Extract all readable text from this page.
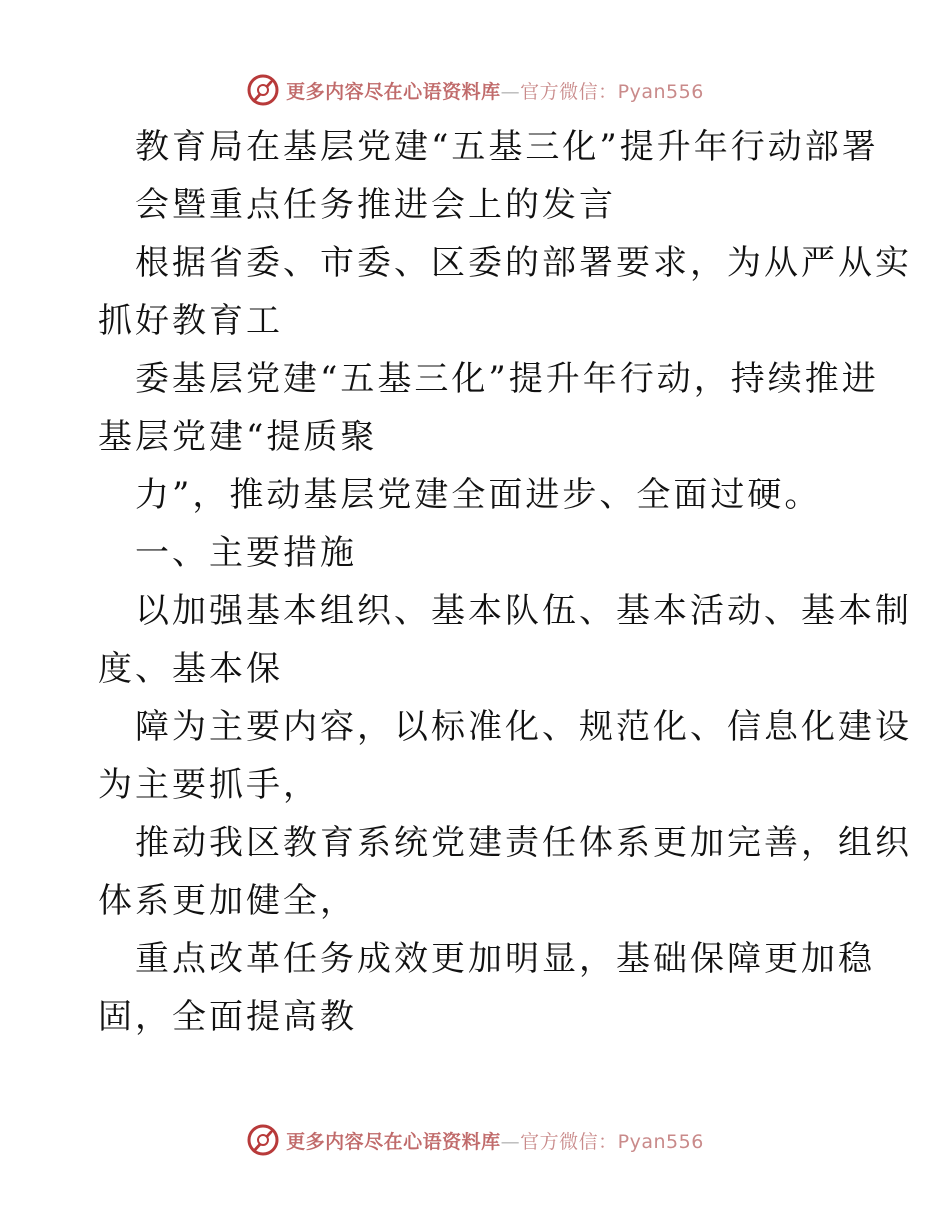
更多内容尽在心语资料库—官方微信：Pyan556
教育局在基层党建“五基三化”提升年行动部署
会暨重点任务推进会上的发言
根据省委、市委、区委的部署要求，为从严从实
抓好教育工
委基层党建“五基三化”提升年行动，持续推进
基层党建“提质聚
力”，推动基层党建全面进步、全面过硬。
一、主要措施
以加强基本组织、基本队伍、基本活动、基本制
度、基本保
障为主要内容，以标准化、规范化、信息化建设
为主要抓手，
推动我区教育系统党建责任体系更加完善，组织
体系更加健全，
重点改革任务成效更加明显，基础保障更加稳
固，全面提高教
更多内容尽在心语资料库—官方微信：Pyan556
